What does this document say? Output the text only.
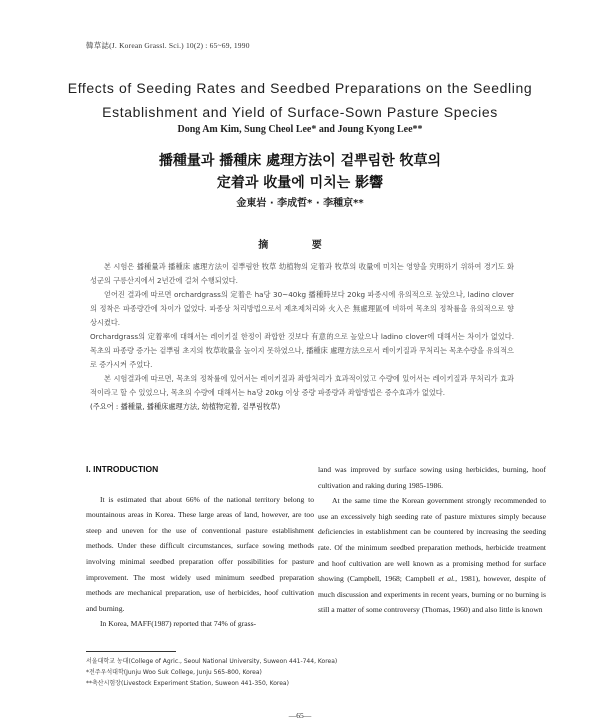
韓草誌(J. Korean Grassl. Sci.) 10(2) : 65~69, 1990
Effects of Seeding Rates and Seedbed Preparations on the Seedling Establishment and Yield of Surface-Sown Pasture Species
Dong Am Kim, Sung Cheol Lee* and Joung Kyong Lee**
播種量과 播種床 處理方法이 겉뿌림한 牧草의
定着과 收量에 미치는 影響
金東岩 · 李成哲* · 李種京**
摘 要

본 시험은 播種量과 播種床 處理方法이 겉뿌림한 牧草 幼植物의 定着과 牧草의 收量에 미치는 영향을 究明하기 위하여 경기도 화성군의 구릉산지에서 2년간에 걸쳐 수행되었다.

얻어진 결과에 따르면 orchardgrass의 定着은 ha당 30~40kg 播種時보다 20kg 파종시에 유의적으로 높았으나, ladino clover의 정착은 파종량간에 차이가 없었다. 파종상 처리방법으로서 제초제처리와 火入은 無處理區에 비하여 목초의 정착률을 유의적으로 향상시켰다.

Orchardgrass의 定着率에 대해서는 레이키질 한정이 좌합한 것보다 有意的으로 높았으나 ladino clover에 대해서는 차이가 없었다. 목초의 파종량 증가는 겉뿌림 초지의 牧草收量을 높이지 못하였으나, 播種床 處理方法으로서 레이키질과 무처리는 목초수량을 유의적으로 증가시켜 주었다.

본 시험결과에 따르면, 목초의 정착률에 있어서는 레이키질과 좌합처리가 효과적이었고 수량에 있어서는 레이키질과 무처리가 효과적이라고 할 수 있었으나, 목초의 수량에 대해서는 ha당 20kg 이상 증량 파종량과 좌합방법은 증수효과가 없었다.

(주요어 : 播種量, 播種床處理方法, 幼植物定着, 겉뿌림牧草)

I. INTRODUCTION

It is estimated that about 66% of the national territory belong to mountainous areas in Korea. These large areas of land, however, are too steep and uneven for the use of conventional pasture establishment methods. Under these difficult circumstances, surface sowing methods involving minimal seedbed preparation offer possibilities for pasture improvement. The most widely used minimum seedbed preparation methods are mechanical preparation, use of herbicides, hoof cultivation and burning.

In Korea, MAFF(1987) reported that 74% of grass-

land was improved by surface sowing using herbicides, burning, hoof cultivation and raking during 1985-1986.

At the same time the Korean government strongly recommended to use an excessively high seeding rate of pasture mixtures simply because deficiencies in establishment can be countered by increasing the seeding rate. Of the minimum seedbed preparation methods, herbicide treatment and hoof cultivation are well known as a promising method for surface showing (Campbell, 1968; Campbell et al., 1981), however, despite of much discussion and experiments in recent years, burning or no burning is still a matter of some controversy (Thomas, 1960) and also little is known

서울대학교 농대(College of Agric., Seoul National University, Suweon 441-744, Korea)
*전주우석대학(Junju Woo Suk College, Junju 565-800, Korea)
**축산시험장(Livestock Experiment Station, Suweon 441-350, Korea)
—65—
